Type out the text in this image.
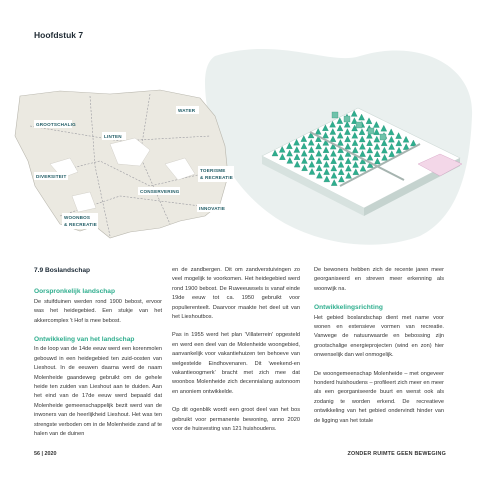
Hoofdstuk 7
GROOTSCHALIG
WATER
LINTEN
DIVERSITEIT
TOERISME
& RECREATIE
CONSERVERING
INNOVATIE
WOONBOS
& RECREATIE
7.9 Boslandschap
Oorspronkelijk landschap

De stuifduinen werden rond 1900 bebost, ervoor was het heidegebied. Een stukje van het akkercomplex 't Hof is mee bebost.

Ontwikkeling van het landschap

In de loop van de 14de eeuw werd een korenmolen gebouwd in een heidegebied ten zuid-oosten van Lieshout. In de eeuwen daarna werd de naam Molenheide gaandeweg gebruikt om de gehele heide ten zuiden van Lieshout aan te duiden. Aan het eind van de 17de eeuw werd bepaald dat Molenheide gemeenschappelijk bezit werd van de inwoners van de heerlijkheid Lieshout. Het was ten strengste verboden om in de Molenheide zand af te halen van de duinen

en de zandbergen. Dit om zandverstuivingen zo veel mogelijk te voorkomen. Het heidegebied werd rond 1900 bebost. De Ruweeuwsels is vanaf einde 19de eeuw tot ca. 1950 gebruikt voor populierenteelt. Daarvoor maakte het deel uit van het Lieshoutbos.

Pas in 1955 werd het plan 'Villaterrein' opgesteld en werd een deel van de Molenheide woongebied, aanvankelijk voor vakantiehuizen ten behoeve van welgestelde Eindhovenaren. Dit 'weekend-en vakantieoogmerk' bracht met zich mee dat woonbos Molenheide zich decennialang autonoom en anoniem ontwikkelde.

Op dit ogenblik wordt een groot deel van het bos gebruikt voor permanente bewoning, anno 2020 voor de huisvesting van 121 huishoudens.

De bewoners hebben zich de recente jaren meer georganiseerd en streven meer erkenning als woonwijk na.

Ontwikkelingsrichting

Het gebied boslandschap dient met name voor wonen en extensieve vormen van recreatie. Vanwege de natuurwaarde en bebossing zijn grootschalige energieprojecten (wind en zon) hier onwenselijk dan wel onmogelijk.

De woongemeenschap Molenheide – met ongeveer honderd huishoudens – profileert zich meer en meer als een georganiseerde buurt en wenst ook als zodanig te worden erkend. De recreatieve ontwikkeling van het gebied ondervindt hinder van de ligging van het totale

56 | 2020	ZONDER RUIMTE GEEN BEWEGING
